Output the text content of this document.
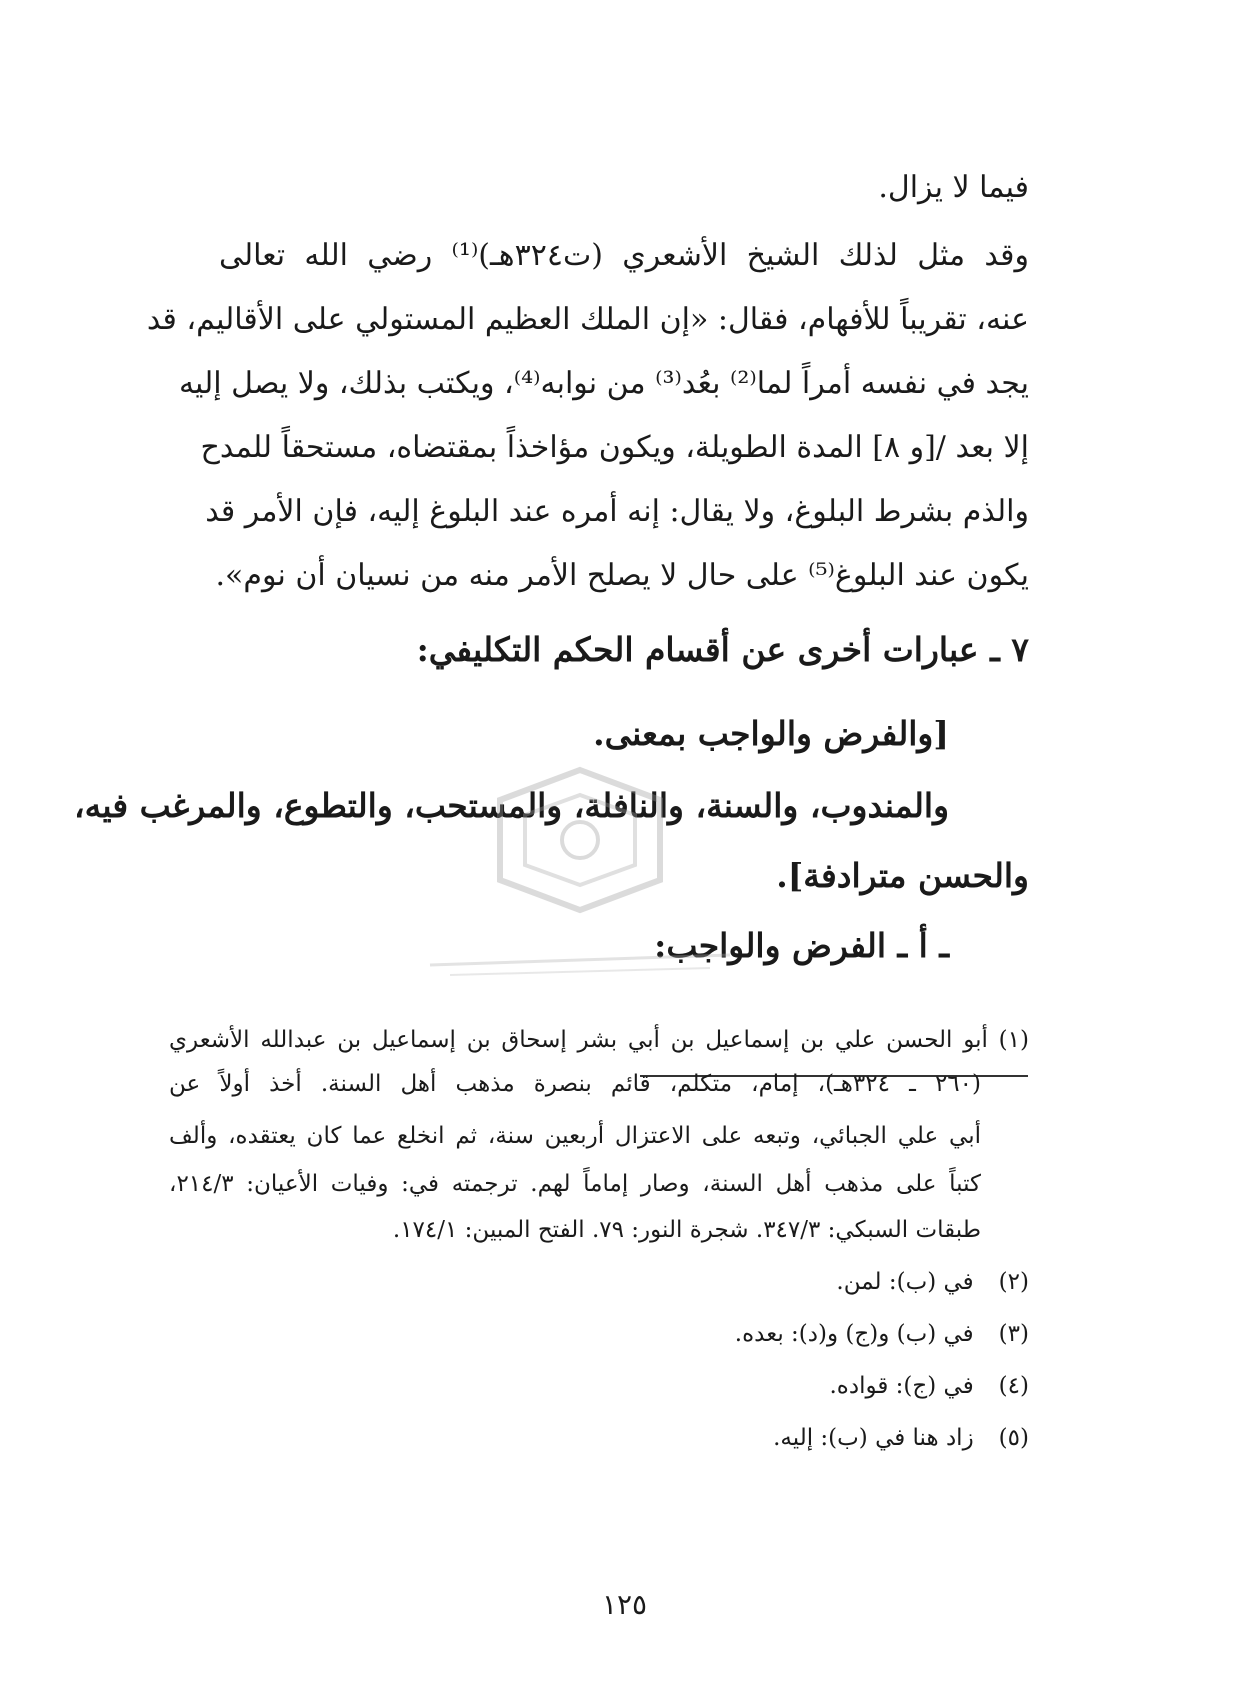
فيما لا يزال.
وقد مثل لذلك الشيخ الأشعري (ت٣٢٤هـ)⁽¹⁾ رضي الله تعالى
عنه، تقريباً للأفهام، فقال: «إن الملك العظيم المستولي على الأقاليم، قد
يجد في نفسه أمراً لما⁽²⁾ بعُد⁽³⁾ من نوابه⁽⁴⁾، ويكتب بذلك، ولا يصل إليه
إلا بعد /[و ٨] المدة الطويلة، ويكون مؤاخذاً بمقتضاه، مستحقاً للمدح
والذم بشرط البلوغ، ولا يقال: إنه أمره عند البلوغ إليه، فإن الأمر قد
يكون عند البلوغ⁽⁵⁾ على حال لا يصلح الأمر منه من نسيان أن نوم».
٧ ـ عبارات أخرى عن أقسام الحكم التكليفي:
[والفرض والواجب بمعنى.
والمندوب، والسنة، والنافلة، والمستحب، والتطوع، والمرغب فيه،
والحسن مترادفة].
ـ أ ـ الفرض والواجب:
(١) أبو الحسن علي بن إسماعيل بن أبي بشر إسحاق بن إسماعيل بن عبدالله الأشعري
(٢٦٠ ـ ٣٢٤هـ)، إمام، متكلم، قائم بنصرة مذهب أهل السنة. أخذ أولاً عن
أبي علي الجبائي، وتبعه على الاعتزال أربعين سنة، ثم انخلع عما كان يعتقده، وألف
كتباً على مذهب أهل السنة، وصار إماماً لهم. ترجمته في: وفيات الأعيان: ٢١٤/٣،
طبقات السبكي: ٣٤٧/٣. شجرة النور: ٧٩. الفتح المبين: ١٧٤/١.
(٢) في (ب): لمن.
(٣) في (ب) و(ج) و(د): بعده.
(٤) في (ج): قواده.
(٥) زاد هنا في (ب): إليه.
١٢٥
